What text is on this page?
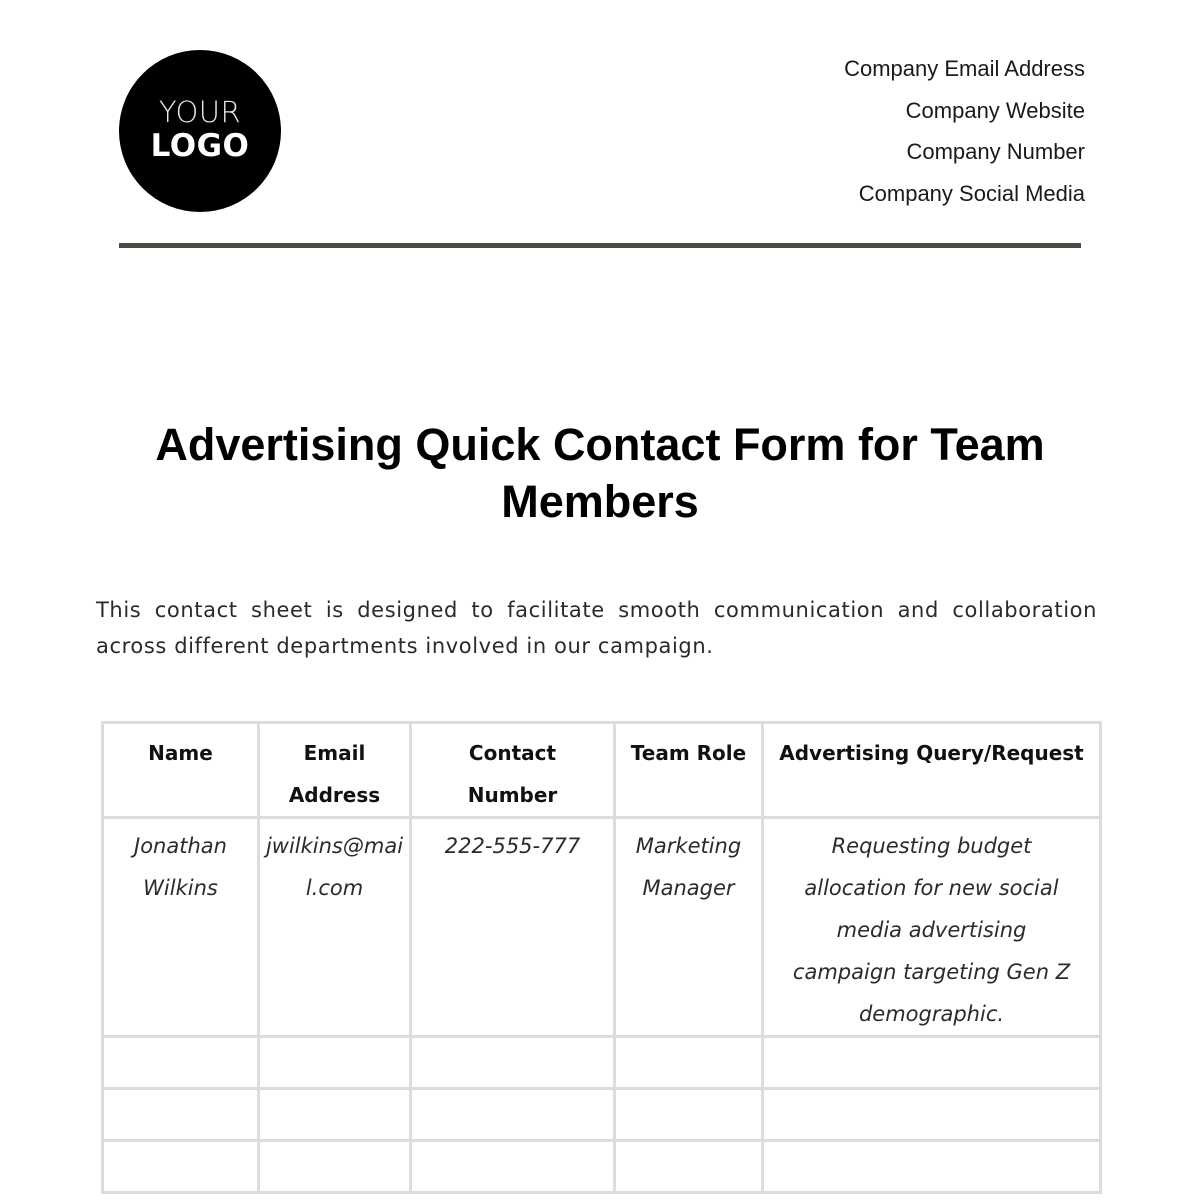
YOUR
LOGO
Company Email Address
Company Website
Company Number
Company Social Media
Advertising Quick Contact Form for Team Members

This contact sheet is designed to facilitate smooth communication and collaboration across different departments involved in our campaign.

Name	Email Address	Contact Number	Team Role	Advertising Query/Request

Jonathan Wilkins	jwilkins@mail.com	222-555-777	Marketing Manager	Requesting budget allocation for new social media advertising campaign targeting Gen Z demographic.
